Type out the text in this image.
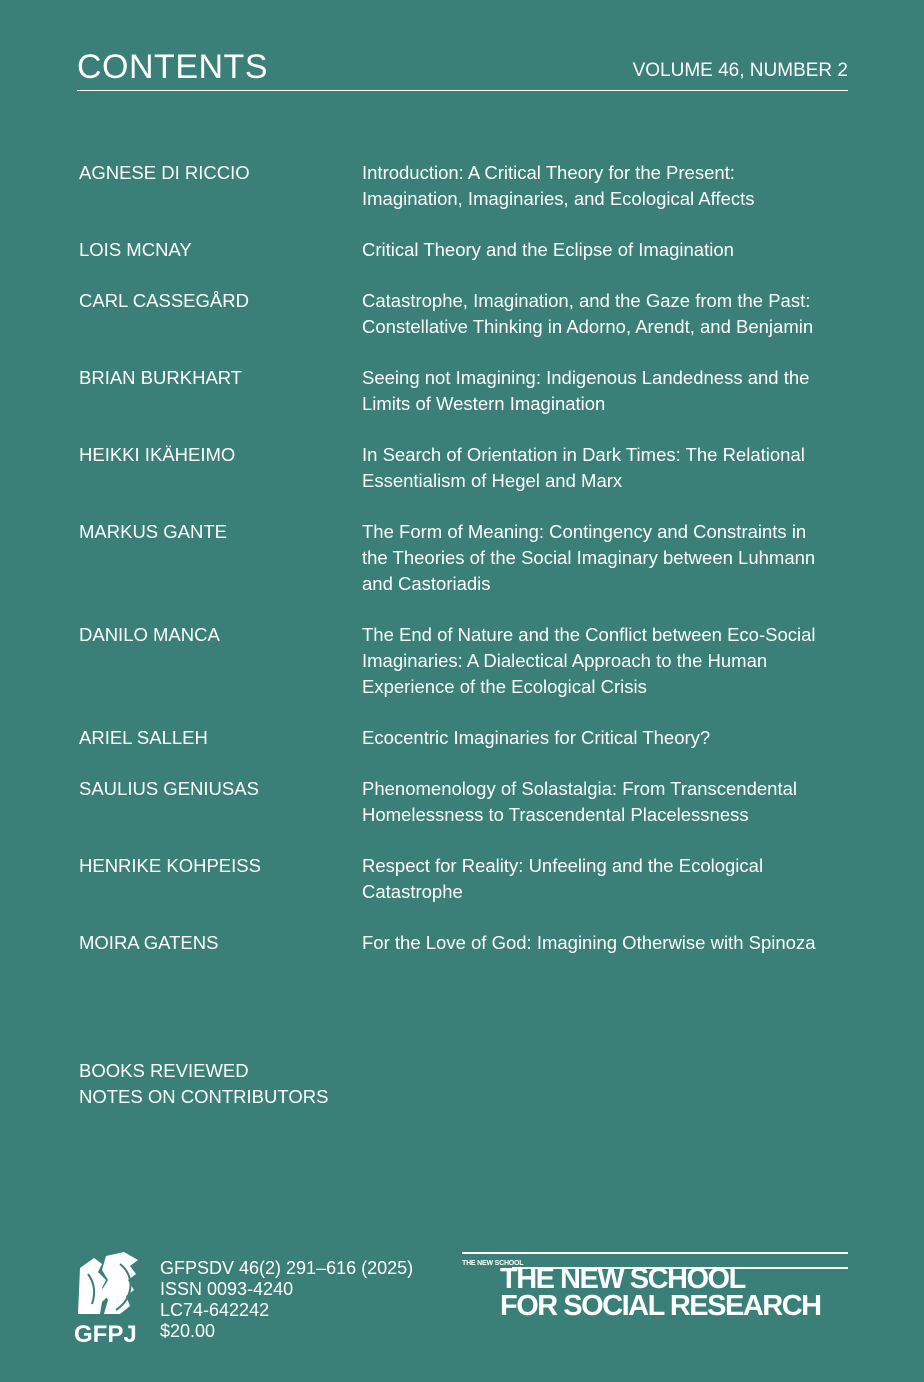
CONTENTS	VOLUME 46, NUMBER 2
AGNESE DI RICCIO	Introduction: A Critical Theory for the Present:
Imagination, Imaginaries, and Ecological Affects
LOIS MCNAY	Critical Theory and the Eclipse of Imagination
CARL CASSEGÅRD	Catastrophe, Imagination, and the Gaze from the Past:
Constellative Thinking in Adorno, Arendt, and Benjamin
BRIAN BURKHART	Seeing not Imagining: Indigenous Landedness and the
Limits of Western Imagination
HEIKKI IKÄHEIMO	In Search of Orientation in Dark Times: The Relational
Essentialism of Hegel and Marx
MARKUS GANTE	The Form of Meaning: Contingency and Constraints in
the Theories of the Social Imaginary between Luhmann
and Castoriadis
DANILO MANCA	The End of Nature and the Conflict between Eco-Social
Imaginaries: A Dialectical Approach to the Human
Experience of the Ecological Crisis
ARIEL SALLEH	Ecocentric Imaginaries for Critical Theory?
SAULIUS GENIUSAS	Phenomenology of Solastalgia: From Transcendental
Homelessness to Trascendental Placelessness
HENRIKE KOHPEISS	Respect for Reality: Unfeeling and the Ecological
Catastrophe
MOIRA GATENS	For the Love of God: Imagining Otherwise with Spinoza
BOOKS REVIEWED
NOTES ON CONTRIBUTORS
GFPJ
GFPSDV 46(2) 291–616 (2025)
ISSN 0093-4240
LC74-642242
$20.00
THE NEW SCHOOL
THE NEW SCHOOL
FOR SOCIAL RESEARCH
